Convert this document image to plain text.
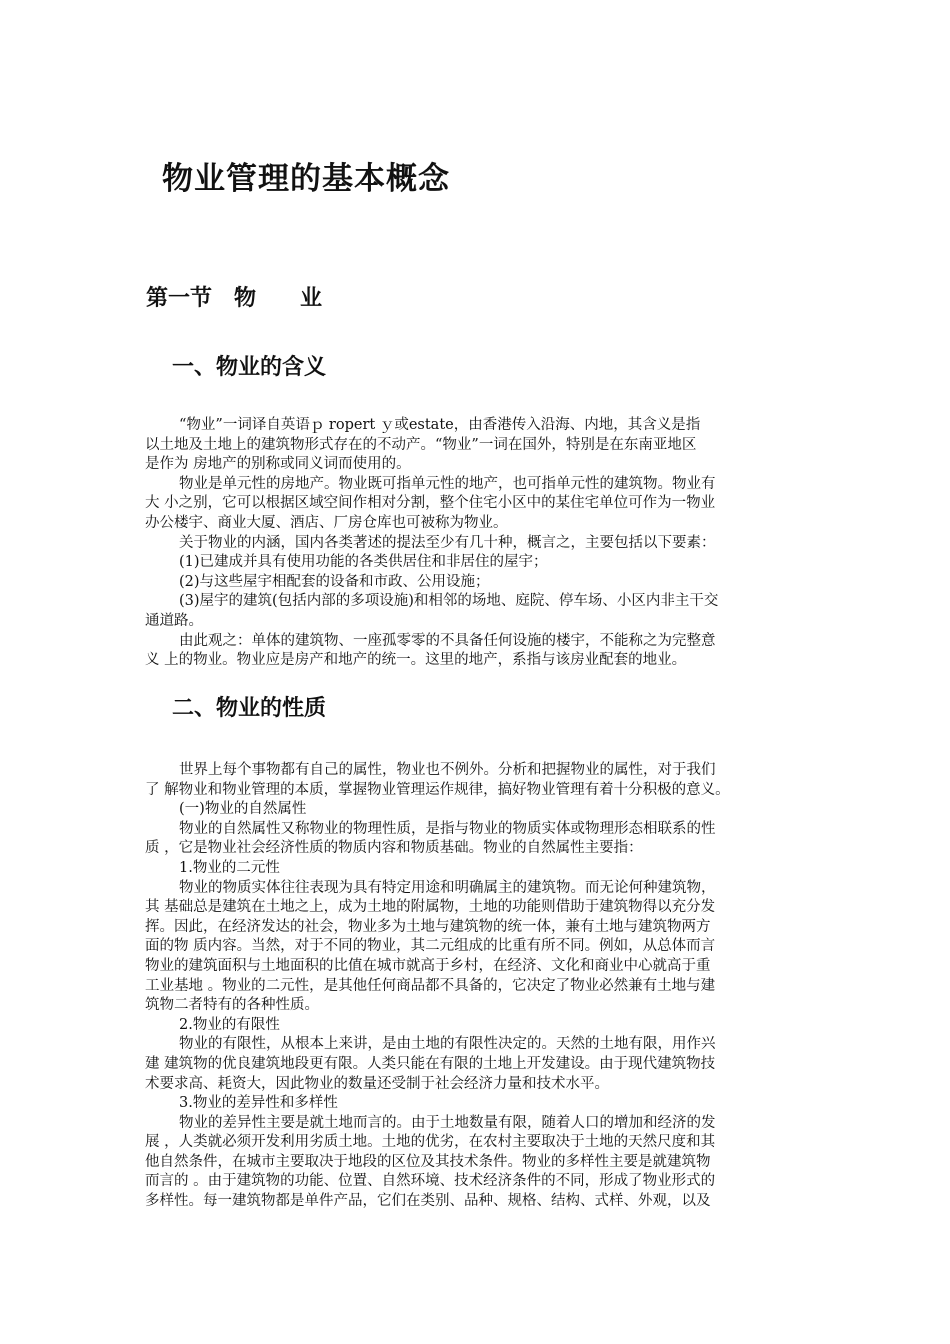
物业管理的基本概念
第一节　物　　业
一、物业的含义
“物业”一词译自英语ｐ ropert ｙ或estate，由香港传入沿海、内地，其含义是指
以土地及土地上的建筑物形式存在的不动产。“物业”一词在国外，特别是在东南亚地区
是作为 房地产的别称或同义词而使用的。
物业是单元性的房地产。物业既可指单元性的地产，也可指单元性的建筑物。物业有
大 小之别，它可以根据区域空间作相对分割，整个住宅小区中的某住宅单位可作为一物业
办公楼宇、商业大厦、酒店、厂房仓库也可被称为物业。
关于物业的内涵，国内各类著述的提法至少有几十种，概言之，主要包括以下要素：
(1)已建成并具有使用功能的各类供居住和非居住的屋宇；
(2)与这些屋宇相配套的设备和市政、公用设施；
(3)屋宇的建筑(包括内部的多项设施)和相邻的场地、庭院、停车场、小区内非主干交
通道路。
由此观之：单体的建筑物、一座孤零零的不具备任何设施的楼宇，不能称之为完整意
义 上的物业。物业应是房产和地产的统一。这里的地产，系指与该房业配套的地业。
二、物业的性质
世界上每个事物都有自己的属性，物业也不例外。分析和把握物业的属性，对于我们
了 解物业和物业管理的本质，掌握物业管理运作规律，搞好物业管理有着十分积极的意义。
(一)物业的自然属性
物业的自然属性又称物业的物理性质，是指与物业的物质实体或物理形态相联系的性
质 ，它是物业社会经济性质的物质内容和物质基础。物业的自然属性主要指：
1.物业的二元性
物业的物质实体往往表现为具有特定用途和明确属主的建筑物。而无论何种建筑物，
其 基础总是建筑在土地之上，成为土地的附属物，土地的功能则借助于建筑物得以充分发
挥。因此，在经济发达的社会，物业多为土地与建筑物的统一体，兼有土地与建筑物两方
面的物 质内容。当然，对于不同的物业，其二元组成的比重有所不同。例如，从总体而言
物业的建筑面积与土地面积的比值在城市就高于乡村，在经济、文化和商业中心就高于重
工业基地 。物业的二元性，是其他任何商品都不具备的，它决定了物业必然兼有土地与建
筑物二者特有的各种性质。
2.物业的有限性
物业的有限性，从根本上来讲，是由土地的有限性决定的。天然的土地有限，用作兴
建 建筑物的优良建筑地段更有限。人类只能在有限的土地上开发建设。由于现代建筑物技
术要求高、耗资大，因此物业的数量还受制于社会经济力量和技术水平。
3.物业的差异性和多样性
物业的差异性主要是就土地而言的。由于土地数量有限，随着人口的增加和经济的发
展 ，人类就必须开发利用劣质土地。土地的优劣，在农村主要取决于土地的天然尺度和其
他自然条件，在城市主要取决于地段的区位及其技术条件。物业的多样性主要是就建筑物
而言的 。由于建筑物的功能、位置、自然环境、技术经济条件的不同，形成了物业形式的
多样性。每一建筑物都是单件产品，它们在类别、品种、规格、结构、式样、外观，以及
